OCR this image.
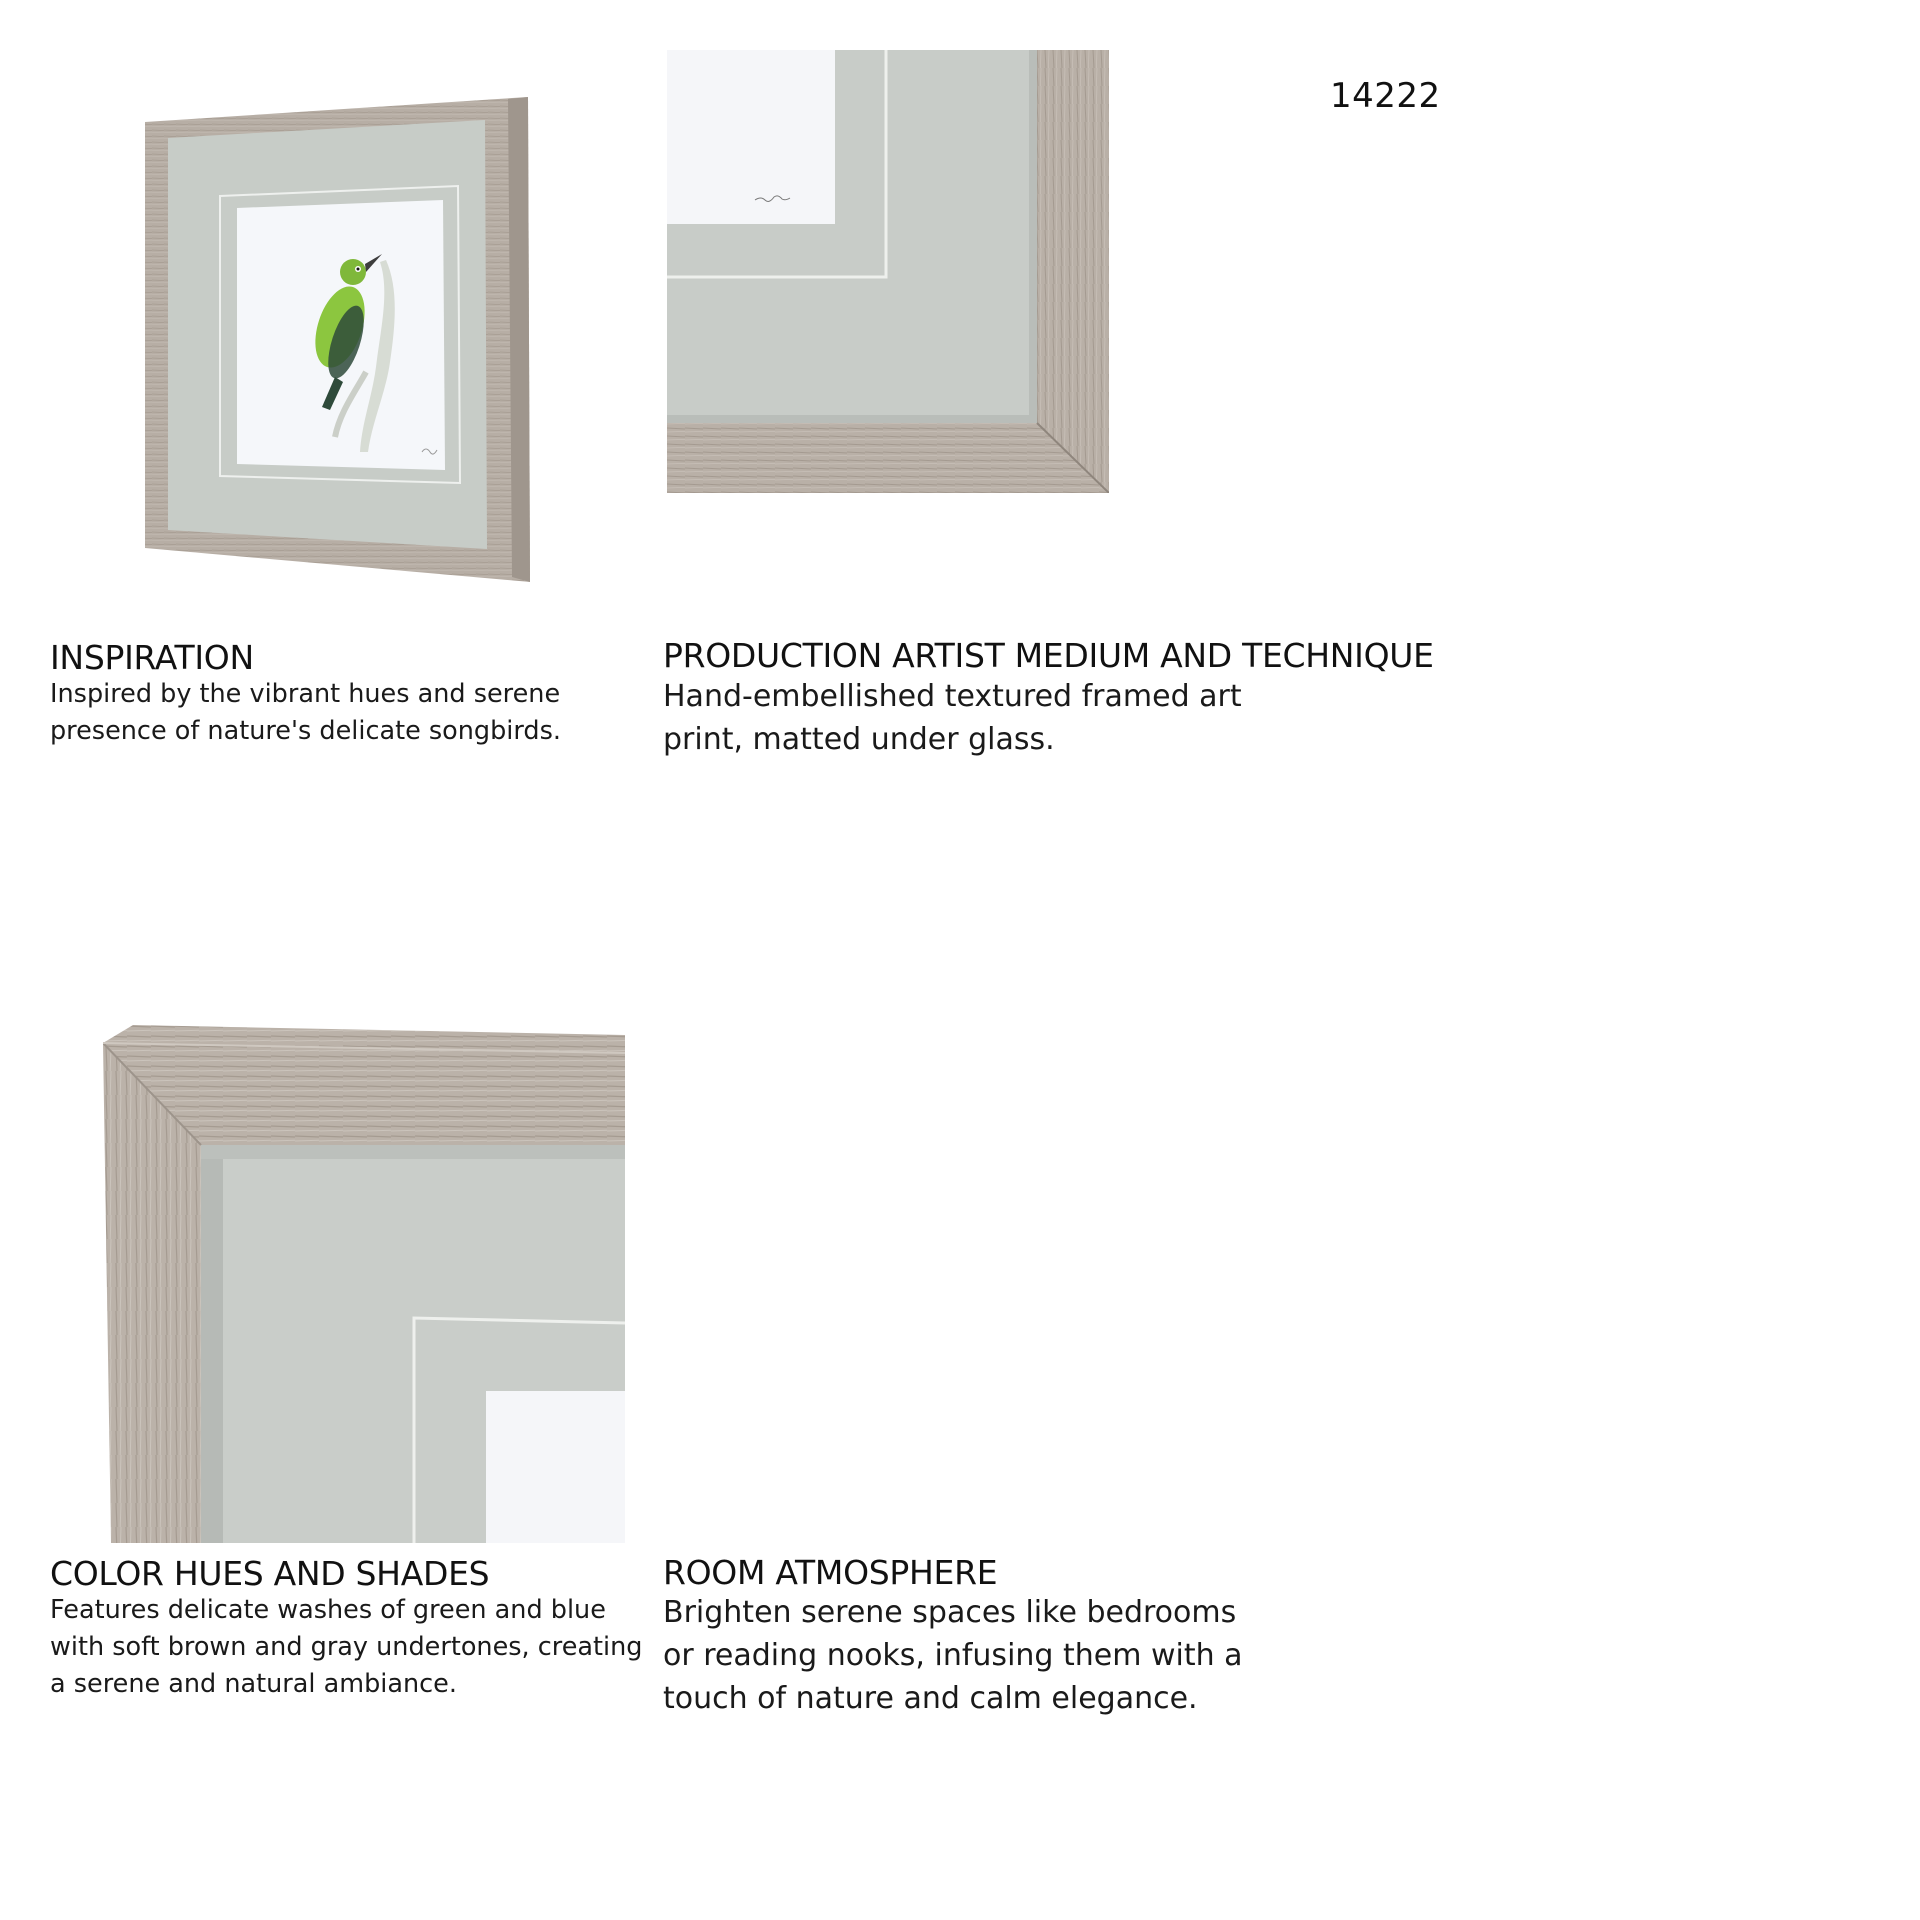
14222
INSPIRATION
Inspired by the vibrant hues and serene
presence of nature's delicate songbirds.
PRODUCTION ARTIST MEDIUM AND TECHNIQUE
Hand-embellished textured framed art
print, matted under glass.
COLOR HUES AND SHADES
Features delicate washes of green and blue
with soft brown and gray undertones, creating
a serene and natural ambiance.
ROOM ATMOSPHERE
Brighten serene spaces like bedrooms
or reading nooks, infusing them with a
touch of nature and calm elegance.
